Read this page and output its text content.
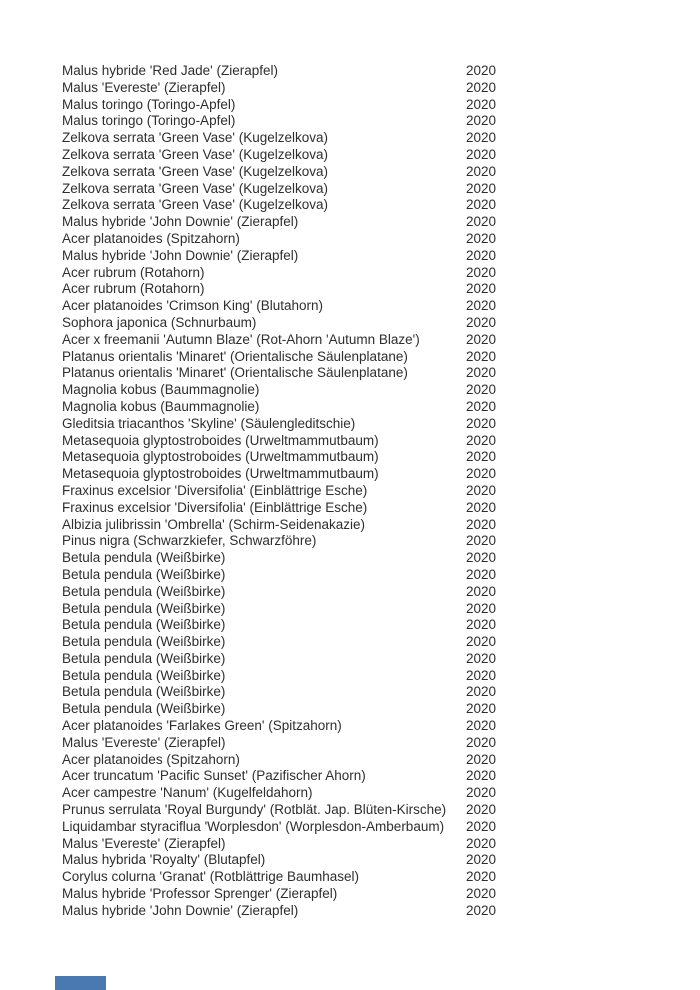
Malus hybride 'Red Jade' (Zierapfel)	2020
Malus 'Evereste' (Zierapfel)	2020
Malus toringo (Toringo-Apfel)	2020
Malus toringo (Toringo-Apfel)	2020
Zelkova serrata 'Green Vase' (Kugelzelkova)	2020
Zelkova serrata 'Green Vase' (Kugelzelkova)	2020
Zelkova serrata 'Green Vase' (Kugelzelkova)	2020
Zelkova serrata 'Green Vase' (Kugelzelkova)	2020
Zelkova serrata 'Green Vase' (Kugelzelkova)	2020
Malus hybride 'John Downie' (Zierapfel)	2020
Acer platanoides (Spitzahorn)	2020
Malus hybride 'John Downie' (Zierapfel)	2020
Acer rubrum (Rotahorn)	2020
Acer rubrum (Rotahorn)	2020
Acer platanoides 'Crimson King' (Blutahorn)	2020
Sophora japonica (Schnurbaum)	2020
Acer x freemanii 'Autumn Blaze' (Rot-Ahorn 'Autumn Blaze')	2020
Platanus orientalis 'Minaret' (Orientalische Säulenplatane)	2020
Platanus orientalis 'Minaret' (Orientalische Säulenplatane)	2020
Magnolia kobus (Baummagnolie)	2020
Magnolia kobus (Baummagnolie)	2020
Gleditsia triacanthos 'Skyline' (Säulengleditschie)	2020
Metasequoia glyptostroboides (Urweltmammutbaum)	2020
Metasequoia glyptostroboides (Urweltmammutbaum)	2020
Metasequoia glyptostroboides (Urweltmammutbaum)	2020
Fraxinus excelsior 'Diversifolia' (Einblättrige Esche)	2020
Fraxinus excelsior 'Diversifolia' (Einblättrige Esche)	2020
Albizia julibrissin 'Ombrella' (Schirm-Seidenakazie)	2020
Pinus nigra (Schwarzkiefer, Schwarzföhre)	2020
Betula pendula (Weißbirke)	2020
Betula pendula (Weißbirke)	2020
Betula pendula (Weißbirke)	2020
Betula pendula (Weißbirke)	2020
Betula pendula (Weißbirke)	2020
Betula pendula (Weißbirke)	2020
Betula pendula (Weißbirke)	2020
Betula pendula (Weißbirke)	2020
Betula pendula (Weißbirke)	2020
Betula pendula (Weißbirke)	2020
Acer platanoides 'Farlakes Green' (Spitzahorn)	2020
Malus 'Evereste' (Zierapfel)	2020
Acer platanoides (Spitzahorn)	2020
Acer truncatum 'Pacific Sunset' (Pazifischer Ahorn)	2020
Acer campestre 'Nanum' (Kugelfeldahorn)	2020
Prunus serrulata 'Royal Burgundy' (Rotblät. Jap. Blüten-Kirsche)	2020
Liquidambar styraciflua 'Worplesdon' (Worplesdon-Amberbaum)	2020
Malus 'Evereste' (Zierapfel)	2020
Malus hybrida 'Royalty' (Blutapfel)	2020
Corylus colurna 'Granat' (Rotblättrige Baumhasel)	2020
Malus hybride 'Professor Sprenger' (Zierapfel)	2020
Malus hybride 'John Downie' (Zierapfel)	2020
